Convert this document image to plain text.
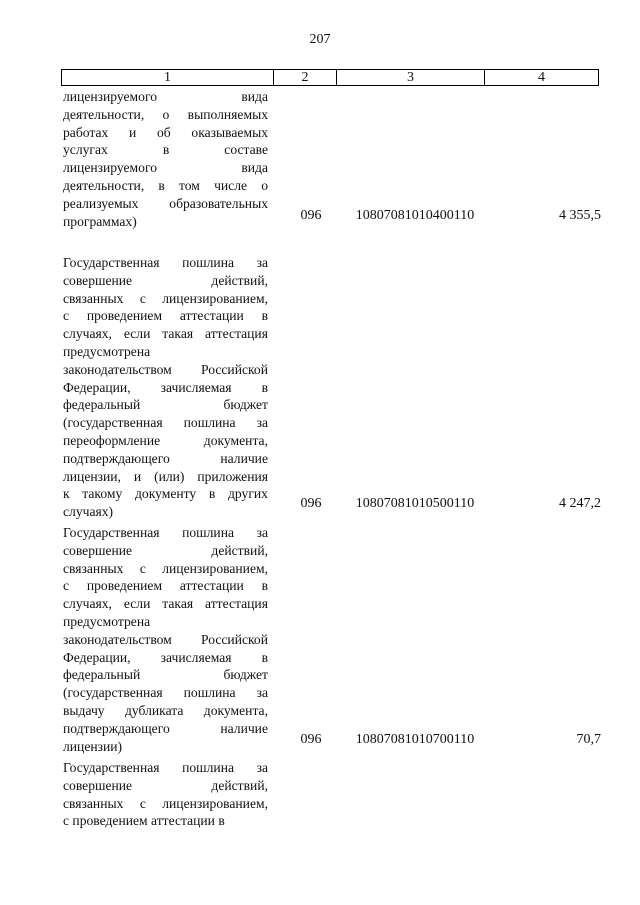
207
1	2	3	4
лицензируемого	вида
деятельности, о выполняемых
работах и об оказываемых
услугах	в	составе
лицензируемого	вида
деятельности, в том числе о
реализуемых образовательных
программах)	096	10807081010400110	4 355,5
Государственная пошлина за
совершение	действий,
связанных с лицензированием,
с проведением аттестации в
случаях, если такая аттестация
предусмотрена
законодательством Российской
Федерации, зачисляемая в
федеральный	бюджет
(государственная пошлина за
переоформление	документа,
подтверждающего	наличие
лицензии, и (или) приложения
к такому документу в других
случаях)
096	10807081010500110	4 247,2
Государственная пошлина за
совершение	действий,
связанных с лицензированием,
с проведением аттестации в
случаях, если такая аттестация
предусмотрена
законодательством Российской
Федерации, зачисляемая в
федеральный	бюджет
(государственная пошлина за
выдачу дубликата документа,
подтверждающего	наличие
лицензии)	096	10807081010700110	70,7
Государственная пошлина за
совершение	действий,
связанных с лицензированием,
с проведением аттестации в
